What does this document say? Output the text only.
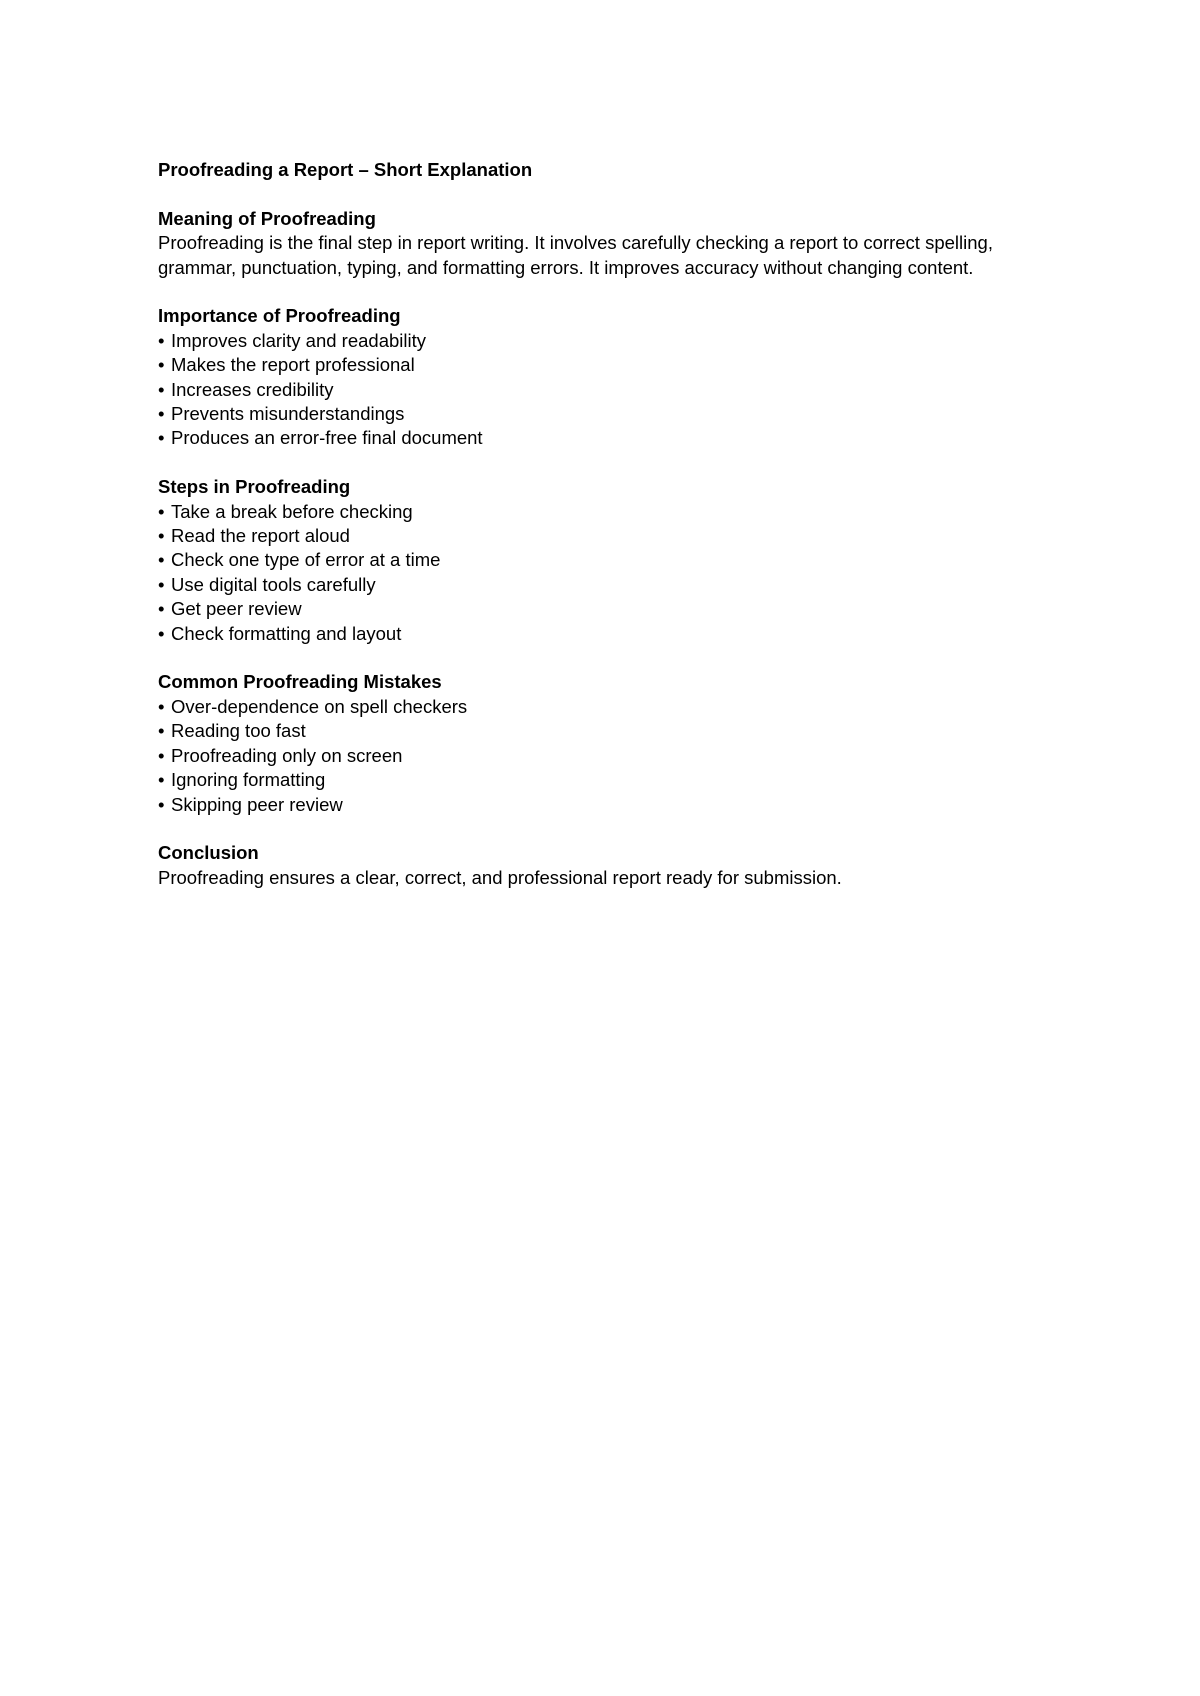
Proofreading a Report – Short Explanation
Meaning of Proofreading

Proofreading is the final step in report writing. It involves carefully checking a report to correct spelling, grammar, punctuation, typing, and formatting errors. It improves accuracy without changing content.

Importance of Proofreading
• Improves clarity and readability
• Makes the report professional
• Increases credibility
• Prevents misunderstandings
• Produces an error-free final document
Steps in Proofreading
• Take a break before checking
• Read the report aloud
• Check one type of error at a time
• Use digital tools carefully
• Get peer review
• Check formatting and layout
Common Proofreading Mistakes
• Over-dependence on spell checkers
• Reading too fast
• Proofreading only on screen
• Ignoring formatting
• Skipping peer review
Conclusion

Proofreading ensures a clear, correct, and professional report ready for submission.
